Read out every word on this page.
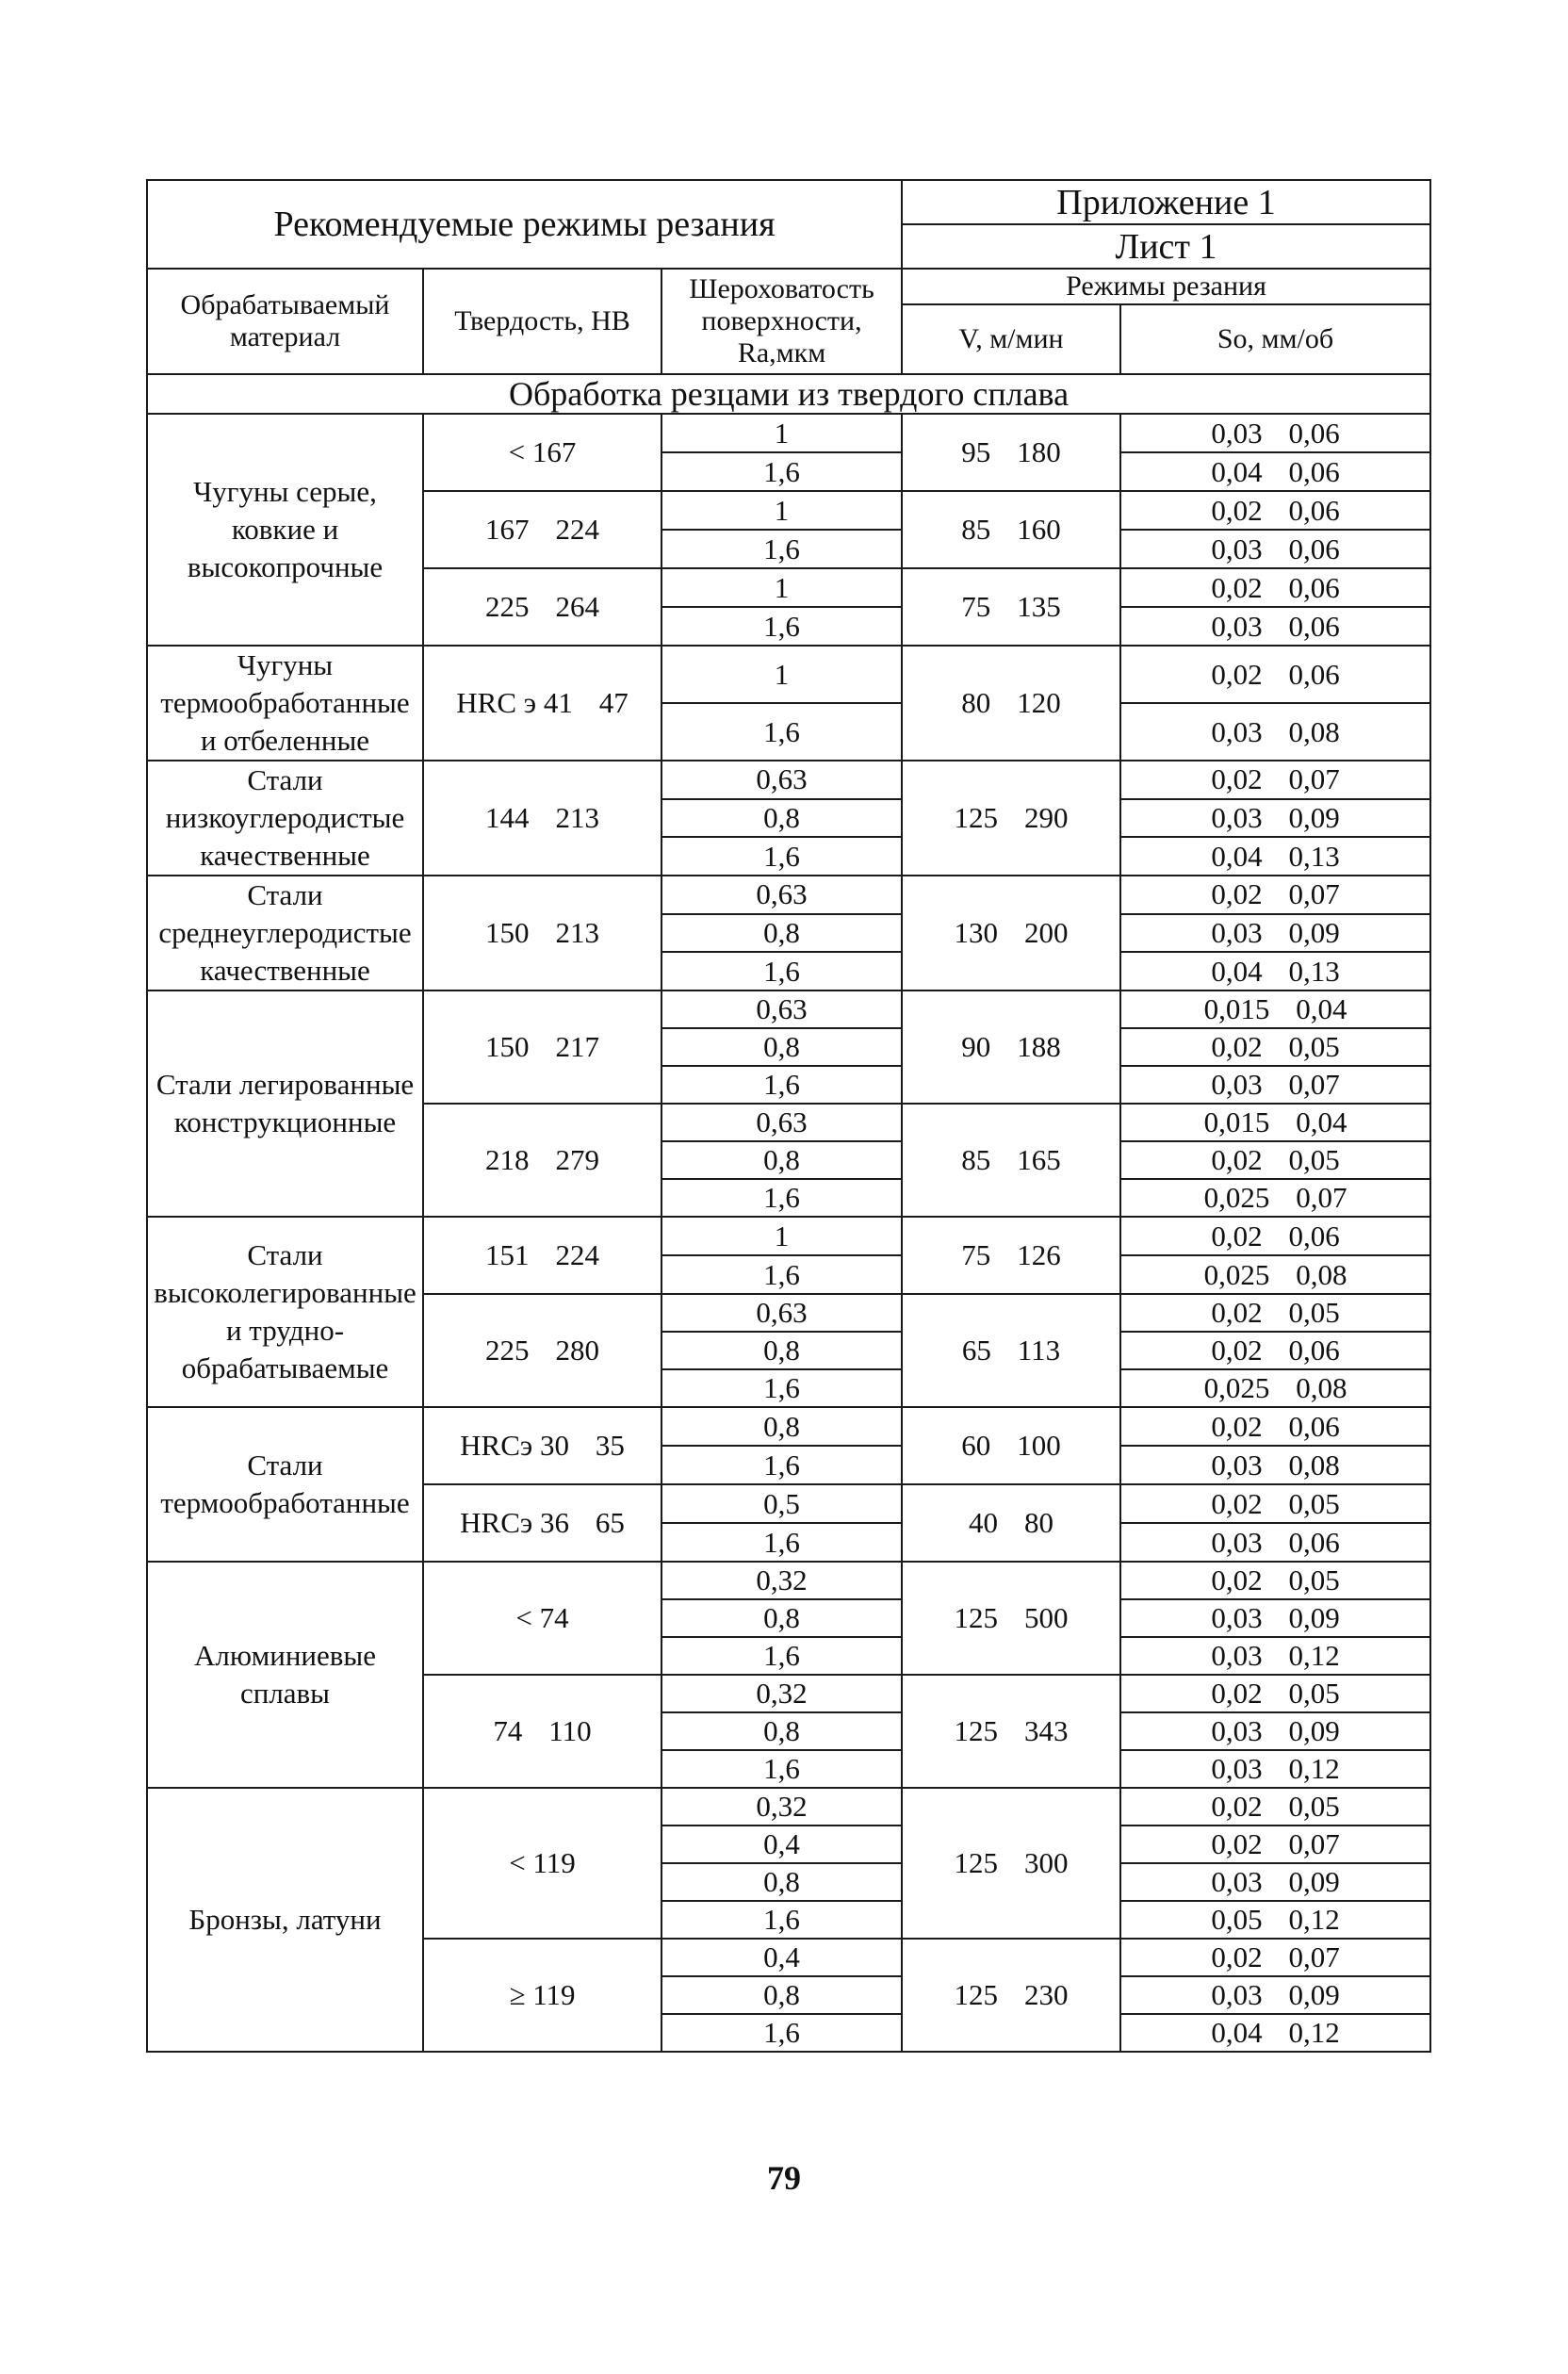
Рекомендуемые режимы резания			Приложение 1	
			Лист 1	
Обрабатываемый материал	Твердость, НВ	Шероховатость поверхности, Ra,мкм	Режимы резания	
			V, м/мин	So, мм/об
Обработка резцами из твердого сплава				
Чугуны серые, ковкие и высокопрочные	< 167	1	95 180	0,03 0,06
		1,6		0,04 0,06
	167 224	1	85 160	0,02 0,06
		1,6		0,03 0,06
	225 264	1	75 135	0,02 0,06
		1,6		0,03 0,06
Чугуны термообработанные и отбеленные	HRC э 41 47	1	80 120	0,02 0,06
		1,6		0,03 0,08
Стали низкоуглеродистые качественные	144 213	0,63	125 290	0,02 0,07
		0,8		0,03 0,09
		1,6		0,04 0,13
Стали среднеуглеродистые качественные	150 213	0,63	130 200	0,02 0,07
		0,8		0,03 0,09
		1,6		0,04 0,13
Стали легированные конструкционные	150 217	0,63	90 188	0,015 0,04
		0,8		0,02 0,05
		1,6		0,03 0,07
	218 279	0,63	85 165	0,015 0,04
		0,8		0,02 0,05
		1,6		0,025 0,07
Стали высоколегированные и трудно-обрабатываемые	151 224	1	75 126	0,02 0,06
		1,6		0,025 0,08
	225 280	0,63	65 113	0,02 0,05
		0,8		0,02 0,06
		1,6		0,025 0,08
Стали термообработанные	HRCэ 30 35	0,8	60 100	0,02 0,06
		1,6		0,03 0,08
	HRCэ 36 65	0,5	40 80	0,02 0,05
		1,6		0,03 0,06
Алюминиевые сплавы	< 74	0,32	125 500	0,02 0,05
		0,8		0,03 0,09
		1,6		0,03 0,12
	74 110	0,32	125 343	0,02 0,05
		0,8		0,03 0,09
		1,6		0,03 0,12
Бронзы, латуни	< 119	0,32	125 300	0,02 0,05
		0,4		0,02 0,07
		0,8		0,03 0,09
		1,6		0,05 0,12
	≥ 119	0,4	125 230	0,02 0,07
		0,8		0,03 0,09
		1,6		0,04 0,12
79
